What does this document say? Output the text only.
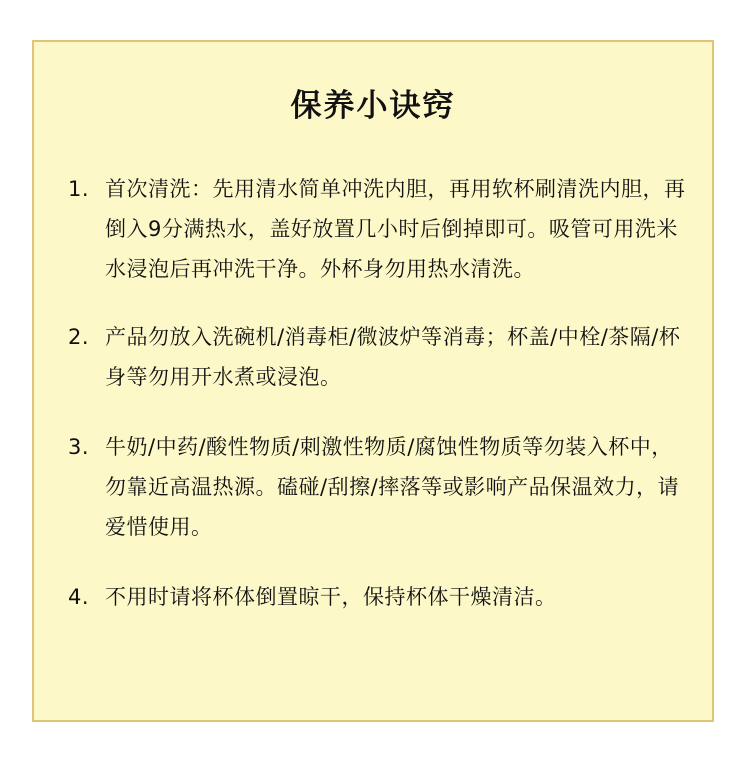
保养小诀窍
1. 首次清洗：先用清水简单冲洗内胆，再用软杯刷清洗内胆，再倒入9分满热水，盖好放置几小时后倒掉即可。吸管可用洗米水浸泡后再冲洗干净。外杯身勿用热水清洗。
2. 产品勿放入洗碗机/消毒柜/微波炉等消毒；杯盖/中栓/茶隔/杯身等勿用开水煮或浸泡。
3. 牛奶/中药/酸性物质/刺激性物质/腐蚀性物质等勿装入杯中，勿靠近高温热源。磕碰/刮擦/摔落等或影响产品保温效力，请爱惜使用。
4. 不用时请将杯体倒置晾干，保持杯体干燥清洁。
